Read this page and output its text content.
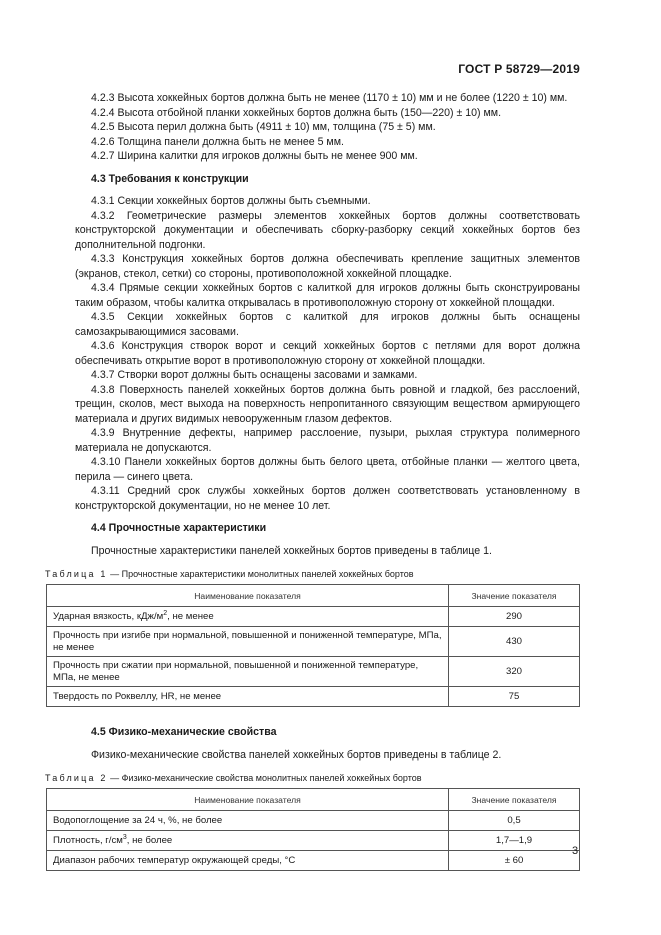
ГОСТ Р 58729—2019

4.2.3 Высота хоккейных бортов должна быть не менее (1170 ± 10) мм и не более (1220 ± 10) мм.

4.2.4 Высота отбойной планки хоккейных бортов должна быть (150—220) ± 10) мм.

4.2.5 Высота перил должна быть (4911 ± 10) мм, толщина (75 ± 5) мм.

4.2.6 Толщина панели должна быть не менее 5 мм.

4.2.7 Ширина калитки для игроков должны быть не менее 900 мм.

4.3 Требования к конструкции

4.3.1 Секции хоккейных бортов должны быть съемными.

4.3.2 Геометрические размеры элементов хоккейных бортов должны соответствовать конструкторской документации и обеспечивать сборку-разборку секций хоккейных бортов без дополнительной подгонки.

4.3.3 Конструкция хоккейных бортов должна обеспечивать крепление защитных элементов (экранов, стекол, сетки) со стороны, противоположной хоккейной площадке.

4.3.4 Прямые секции хоккейных бортов с калиткой для игроков должны быть сконструированы таким образом, чтобы калитка открывалась в противоположную сторону от хоккейной площадки.

4.3.5 Секции хоккейных бортов с калиткой для игроков должны быть оснащены самозакрывающимися засовами.

4.3.6 Конструкция створок ворот и секций хоккейных бортов с петлями для ворот должна обеспечивать открытие ворот в противоположную сторону от хоккейной площадки.

4.3.7 Створки ворот должны быть оснащены засовами и замками.

4.3.8 Поверхность панелей хоккейных бортов должна быть ровной и гладкой, без расслоений, трещин, сколов, мест выхода на поверхность непропитанного связующим веществом армирующего материала и других видимых невооруженным глазом дефектов.

4.3.9 Внутренние дефекты, например расслоение, пузыри, рыхлая структура полимерного материала не допускаются.

4.3.10 Панели хоккейных бортов должны быть белого цвета, отбойные планки — желтого цвета, перила — синего цвета.

4.3.11 Средний срок службы хоккейных бортов должен соответствовать установленному в конструкторской документации, но не менее 10 лет.

4.4 Прочностные характеристики

Прочностные характеристики панелей хоккейных бортов приведены в таблице 1.

Таблица 1 — Прочностные характеристики монолитных панелей хоккейных бортов

Наименование показателя	Значение показателя
Ударная вязкость, кДж/$м^2$, не менее	290
Прочность при изгибе при нормальной, повышенной и пониженной температуре, МПа, не менее	430
Прочность при сжатии при нормальной, повышенной и пониженной температуре, МПа, не менее	320
Твердость по Роквеллу, HR, не менее	75

4.5 Физико-механические свойства

Физико-механические свойства панелей хоккейных бортов приведены в таблице 2.

Таблица 2 — Физико-механические свойства монолитных панелей хоккейных бортов

Наименование показателя	Значение показателя
Водопоглощение за 24 ч, %, не более	0,5
Плотность, $г/см^3$, не более	1,7—1,9
Диапазон рабочих температур окружающей среды, °С	± 60
3
